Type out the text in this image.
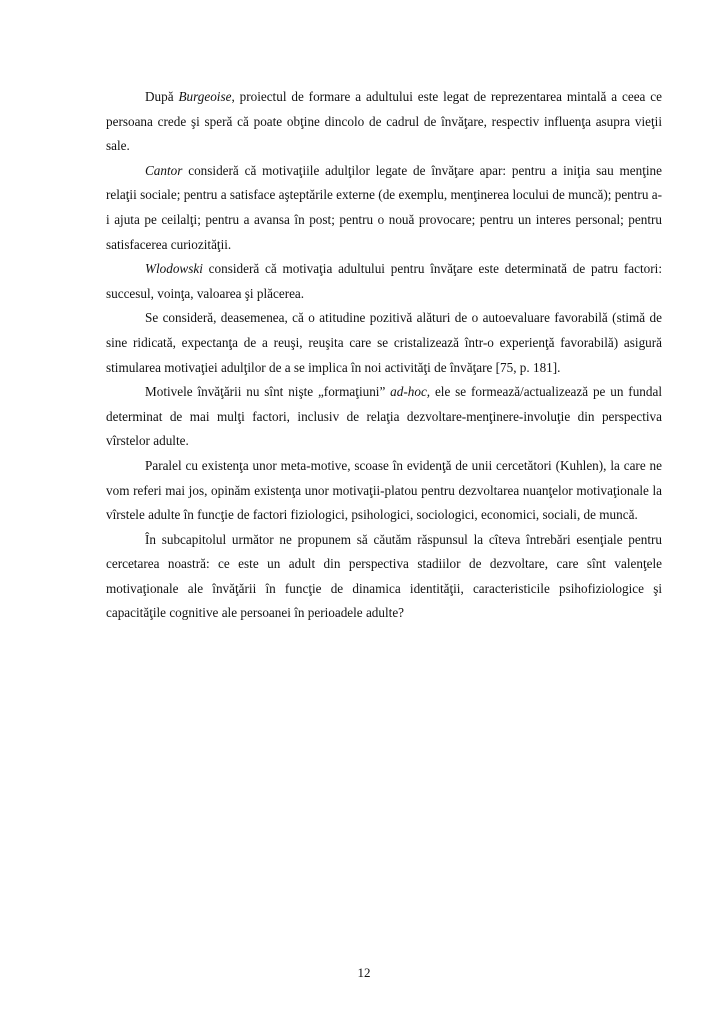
După Burgeoise, proiectul de formare a adultului este legat de reprezentarea mintală a ceea ce persoana crede şi speră că poate obţine dincolo de cadrul de învăţare, respectiv influenţa asupra vieţii sale.

Cantor consideră că motivaţiile adulţilor legate de învăţare apar: pentru a iniţia sau menţine relaţii sociale; pentru a satisface aşteptările externe (de exemplu, menţinerea locului de muncă); pentru a-i ajuta pe ceilalţi; pentru a avansa în post; pentru o nouă provocare; pentru un interes personal; pentru satisfacerea curiozităţii.

Wlodowski consideră că motivaţia adultului pentru învăţare este determinată de patru factori: succesul, voinţa, valoarea şi plăcerea.

Se consideră, deasemenea, că o atitudine pozitivă alături de o autoevaluare favorabilă (stimă de sine ridicată, expectanţa de a reuşi, reuşita care se cristalizează într-o experienţă favorabilă) asigură stimularea motivaţiei adulţilor de a se implica în noi activităţi de învăţare [75, p. 181].

Motivele învăţării nu sînt nişte „formaţiuni” ad-hoc, ele se formează/actualizează pe un fundal determinat de mai mulţi factori, inclusiv de relaţia dezvoltare-menţinere-involuţie din perspectiva vîrstelor adulte.

Paralel cu existenţa unor meta-motive, scoase în evidenţă de unii cercetători (Kuhlen), la care ne vom referi mai jos, opinăm existenţa unor motivaţii-platou pentru dezvoltarea nuanţelor motivaţionale la vîrstele adulte în funcţie de factori fiziologici, psihologici, sociologici, economici, sociali, de muncă.

În subcapitolul următor ne propunem să căutăm răspunsul la cîteva întrebări esenţiale pentru cercetarea noastră: ce este un adult din perspectiva stadiilor de dezvoltare, care sînt valenţele motivaţionale ale învăţării în funcţie de dinamica identităţii, caracteristicile psihofiziologice şi capacităţile cognitive ale persoanei în perioadele adulte?

12
